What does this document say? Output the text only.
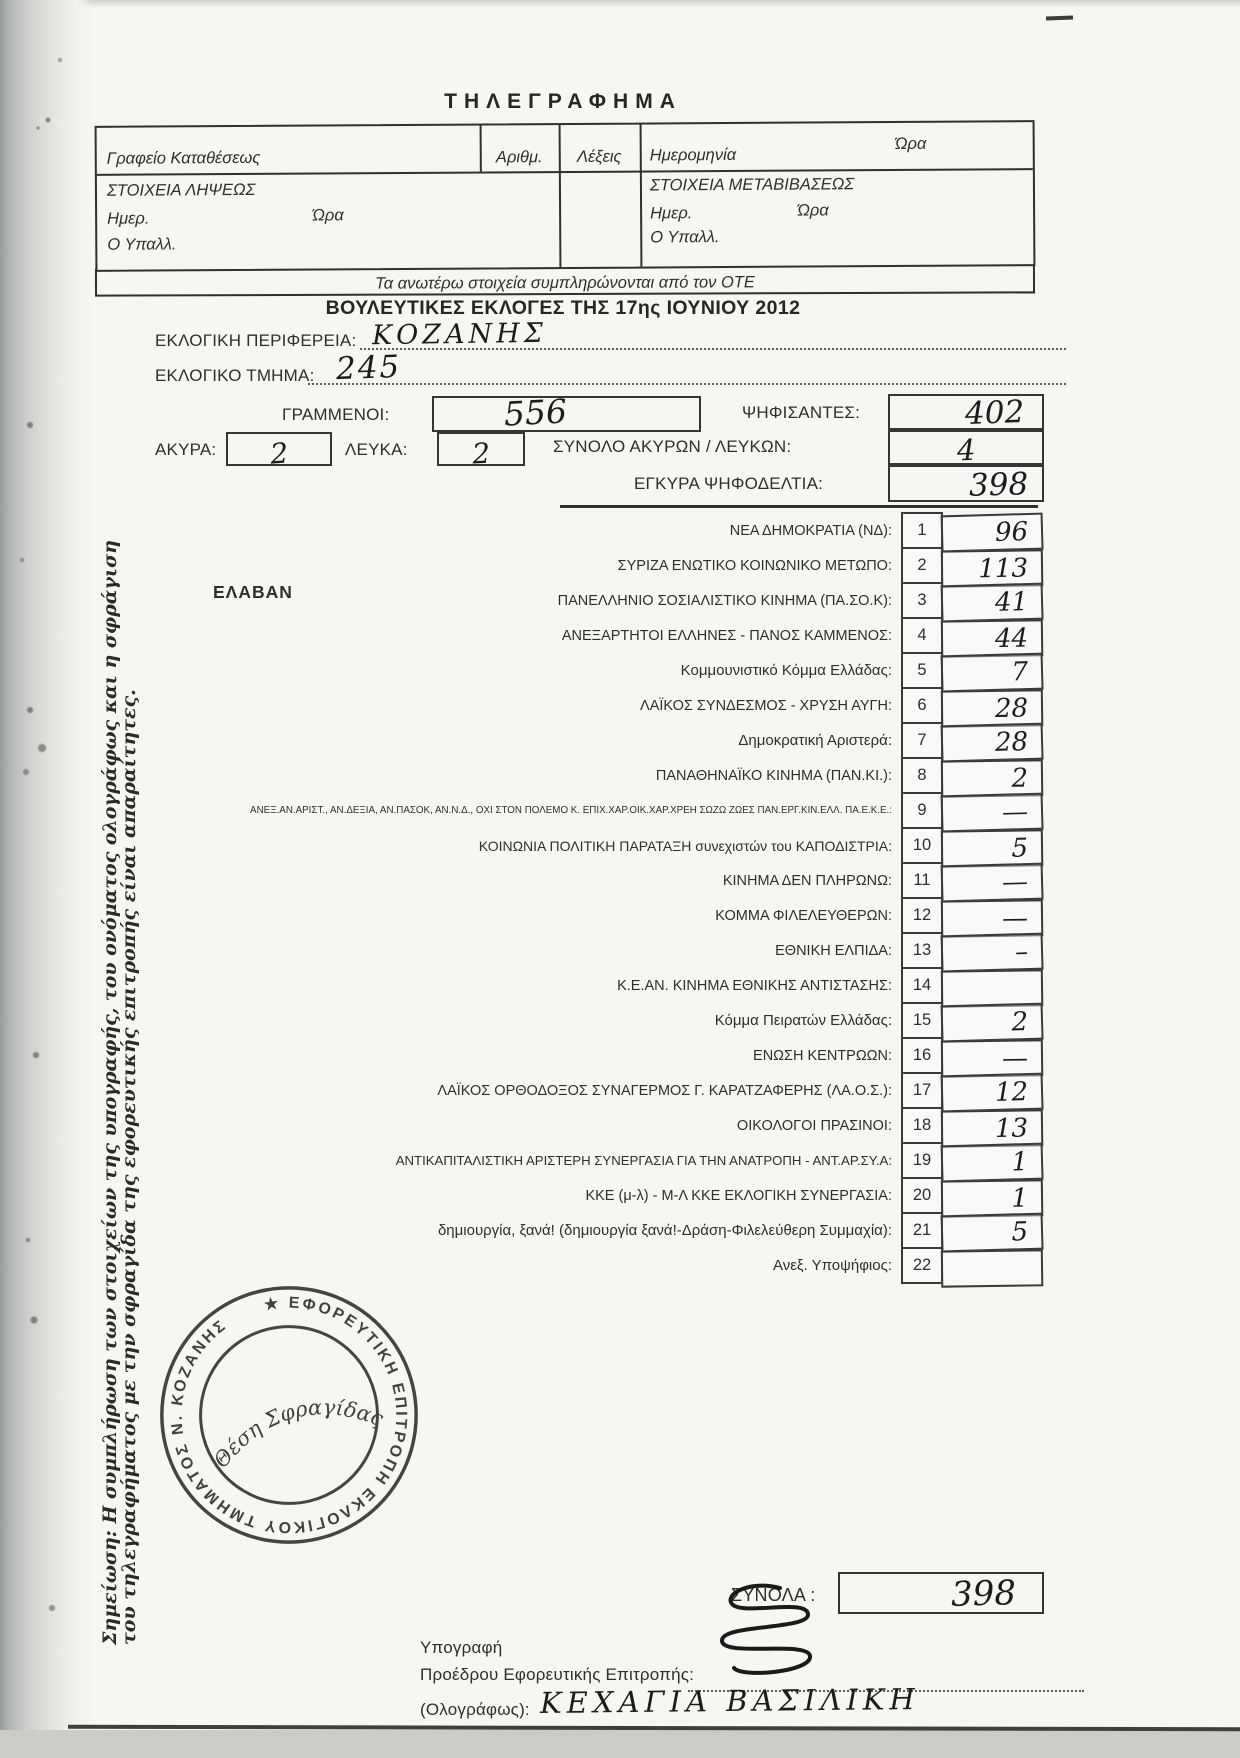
ΤΗΛΕΓΡΑΦΗΜΑ
Γραφείο Καταθέσεως	Αριθμ.	Λέξεις	Ημερομηνία
Ώρα
ΣΤΟΙΧΕΙΑ ΛΗΨΕΩΣ
Ημερ.	Ώρα
Ο Υπαλλ.
ΣΤΟΙΧΕΙΑ ΜΕΤΑΒΙΒΑΣΕΩΣ
Ημερ.	Ώρα
Ο Υπαλλ.
Τα ανωτέρω στοιχεία συμπληρώνονται από τον ΟΤΕ
ΒΟΥΛΕΥΤΙΚΕΣ ΕΚΛΟΓΕΣ ΤΗΣ 17ης ΙΟΥΝΙΟΥ 2012
ΕΚΛΟΓΙΚΗ ΠΕΡΙΦΕΡΕΙΑ: ΚΟΖΑΝΗΣ
ΕΚΛΟΓΙΚΟ ΤΜΗΜΑ: 245
ΓΡΑΜΜΕΝΟΙ:	556	ΨΗΦΙΣΑΝΤΕΣ:	402
ΑΚΥΡΑ: 2	ΛΕΥΚΑ: 2	ΣΥΝΟΛΟ ΑΚΥΡΩΝ / ΛΕΥΚΩΝ:	4
ΕΓΚΥΡΑ ΨΗΦΟΔΕΛΤΙΑ:	398
ΕΛΑΒΑΝ
ΝΕΑ ΔΗΜΟΚΡΑΤΙΑ (ΝΔ):	1	96
ΣΥΡΙΖΑ ΕΝΩΤΙΚΟ ΚΟΙΝΩΝΙΚΟ ΜΕΤΩΠΟ:	2	113
ΠΑΝΕΛΛΗΝΙΟ ΣΟΣΙΑΛΙΣΤΙΚΟ ΚΙΝΗΜΑ (ΠΑ.ΣΟ.Κ):	3	41
ΑΝΕΞΑΡΤΗΤΟΙ ΕΛΛΗΝΕΣ - ΠΑΝΟΣ ΚΑΜΜΕΝΟΣ:	4	44
Κομμουνιστικό Κόμμα Ελλάδας:	5	7
ΛΑΪΚΟΣ ΣΥΝΔΕΣΜΟΣ - ΧΡΥΣΗ ΑΥΓΗ:	6	28
Δημοκρατική Αριστερά:	7	28
ΠΑΝΑΘΗΝΑΪΚΟ ΚΙΝΗΜΑ (ΠΑΝ.ΚΙ.):	8	2
ΑΝΕΞ.ΑΝ.ΑΡΙΣΤ., ΑΝ.ΔΕΞΙΑ, ΑΝ.ΠΑΣΟΚ, ΑΝ.Ν.Δ., ΟΧΙ ΣΤΟΝ ΠΟΛΕΜΟ Κ. ΕΠΙΧ.ΧΑΡ.ΟΙΚ.ΧΑΡ.ΧΡΕΗ ΣΩΖΩ ΖΩΕΣ ΠΑΝ.ΕΡΓ.ΚΙΝ.ΕΛΛ. ΠΑ.Ε.Κ.Ε.:	9	—
ΚΟΙΝΩΝΙΑ ΠΟΛΙΤΙΚΗ ΠΑΡΑΤΑΞΗ συνεχιστών του ΚΑΠΟΔΙΣΤΡΙΑ:	10	5
ΚΙΝΗΜΑ ΔΕΝ ΠΛΗΡΩΝΩ:	11	—
ΚΟΜΜΑ ΦΙΛΕΛΕΥΘΕΡΩΝ:	12	—
ΕΘΝΙΚΗ ΕΛΠΙΔΑ:	13	–
Κ.Ε.ΑΝ. ΚΙΝΗΜΑ ΕΘΝΙΚΗΣ ΑΝΤΙΣΤΑΣΗΣ:	14
Κόμμα Πειρατών Ελλάδας:	15	2
ΕΝΩΣΗ ΚΕΝΤΡΩΩΝ:	16	—
ΛΑΪΚΟΣ ΟΡΘΟΔΟΞΟΣ ΣΥΝΑΓΕΡΜΟΣ Γ. ΚΑΡΑΤΖΑΦΕΡΗΣ (ΛΑ.Ο.Σ.):	17	12
ΟΙΚΟΛΟΓΟΙ ΠΡΑΣΙΝΟΙ:	18	13
ΑΝΤΙΚΑΠΙΤΑΛΙΣΤΙΚΗ ΑΡΙΣΤΕΡΗ ΣΥΝΕΡΓΑΣΙΑ ΓΙΑ ΤΗΝ ΑΝΑΤΡΟΠΗ - ΑΝΤ.ΑΡ.ΣΥ.Α:	19	1
ΚΚΕ (μ-λ) - Μ-Λ ΚΚΕ ΕΚΛΟΓΙΚΗ ΣΥΝΕΡΓΑΣΙΑ:	20	1
δημιουργία, ξανά! (δημιουργία ξανά!-Δράση-Φιλελεύθερη Συμμαχία):	21	5
Ανεξ. Υποψήφιος:	22
ΣΥΝΟΛΑ :	398
Υπογραφή
Προέδρου Εφορευτικής Επιτροπής:
(Ολογράφως): ΚΕΧΑΓΙΑ ΒΑΣΙΛΙΚΗ
★ ΕΦΟΡΕΥΤΙΚΗ ΕΠΙΤΡΟΠΗ ΕΚΛΟΓΙΚΟΥ ΤΜΗΜΑΤΟΣ Ν. ΚΟΖΑΝΗΣ
Θέση Σφραγίδας
Σημείωση: Η συμπλήρωση των στοιχείων της υπογραφής, του ονόματος ολογράφως και η σφράγιση
του τηλεγραφήματος με την σφραγίδα της εφορευτικής επιτροπής είναι απαραίτητες.
